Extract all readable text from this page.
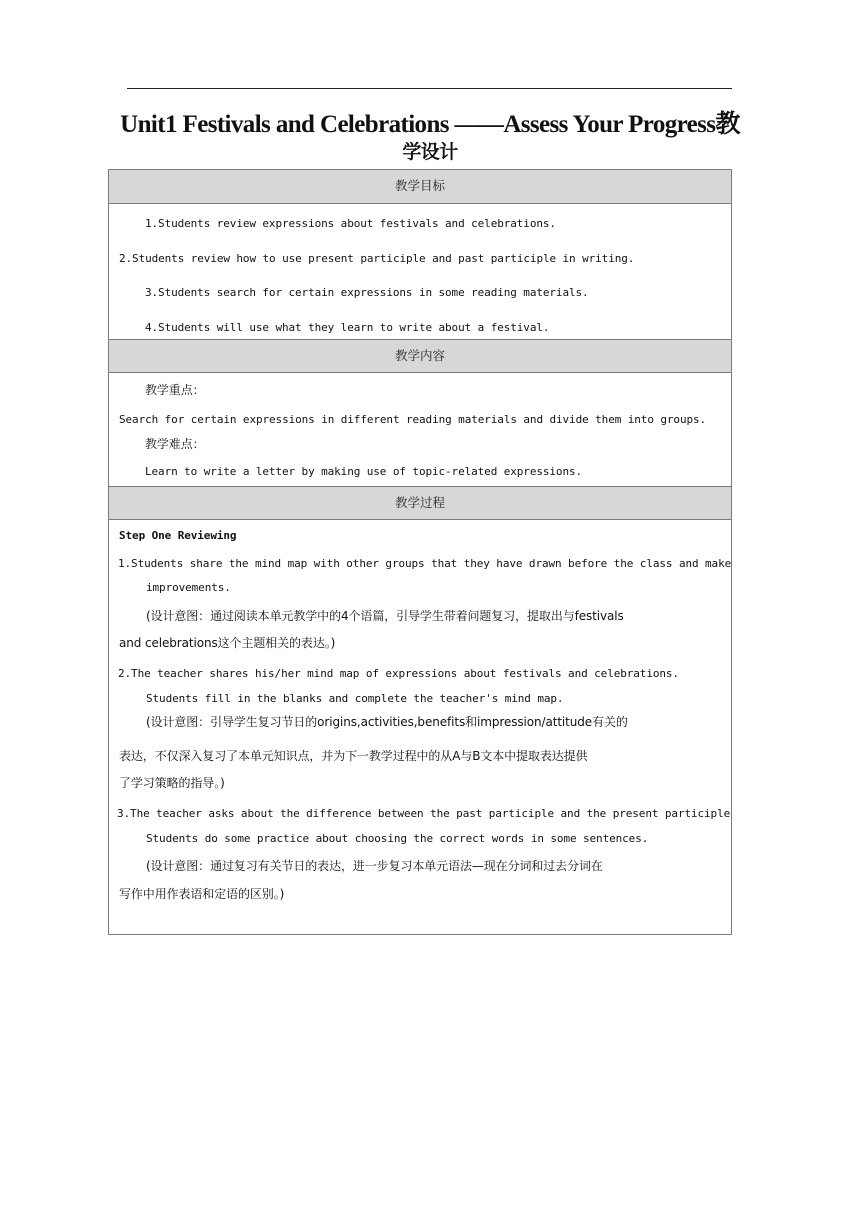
Unit1 Festivals and Celebrations ——Assess Your Progress教
学设计
教学目标
1.Students review expressions about festivals and celebrations.
2.Students review how to use present participle and past participle in writing.
3.Students search for certain expressions in some reading materials.
4.Students will use what they learn to write about a festival.
教学内容
教学重点：
Search for certain expressions in different reading materials and divide them into groups.
教学难点：
Learn to write a letter by making use of topic-related expressions.
教学过程
Step One Reviewing
1.Students share the mind map with other groups that they have drawn before the class and make
improvements.
(设计意图：通过阅读本单元教学中的4个语篇，引导学生带着问题复习，提取出与festivals
and celebrations这个主题相关的表达。)
2.The teacher shares his/her mind map of expressions about festivals and celebrations.
Students fill in the blanks and complete the teacher's mind map.
(设计意图：引导学生复习节日的origins,activities,benefits和impression/attitude有关的
表达，不仅深入复习了本单元知识点，并为下一教学过程中的从A与B文本中提取表达提供
了学习策略的指导。)
3.The teacher asks about the difference between the past participle and the present participle
Students do some practice about choosing the correct words in some sentences.
(设计意图：通过复习有关节日的表达，进一步复习本单元语法—现在分词和过去分词在
写作中用作表语和定语的区别。)
